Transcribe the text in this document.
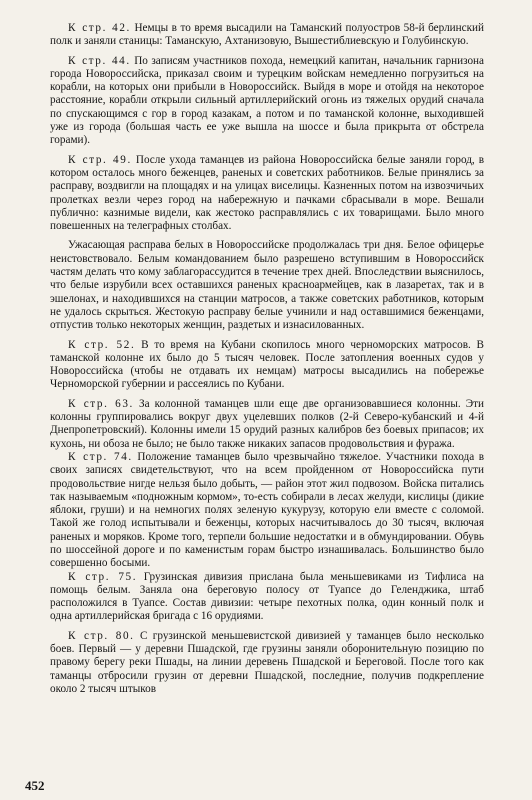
К стр. 42. Немцы в то время высадили на Таманский полуостров 58-й берлинский полк и заняли станицы: Таманскую, Ахтанизовую, Вышестиблиевскую и Голубинскую.

К стр. 44. По записям участников похода, немецкий капитан, начальник гарнизона города Новороссийска, приказал своим и турецким войскам немедленно погрузиться на корабли, на которых они прибыли в Новороссийск. Выйдя в море и отойдя на некоторое расстояние, корабли открыли сильный артиллерийский огонь из тяжелых орудий сначала по спускающимся с гор в город казакам, а потом и по таманской колонне, выходившей уже из города (большая часть ее уже вышла на шоссе и была прикрыта от обстрела горами).

К стр. 49. После ухода таманцев из района Новороссийска белые заняли город, в котором осталось много беженцев, раненых и советских работников. Белые принялись за расправу, воздвигли на площадях и на улицах виселицы. Казненных потом на извозчичьих пролетках везли через город на набережную и пачками сбрасывали в море. Вешали публично: казнимые видели, как жестоко расправлялись с их товарищами. Было много повешенных на телеграфных столбах.

Ужасающая расправа белых в Новороссийске продолжалась три дня. Белое офицерье неистовствовало. Белым командованием было разрешено вступившим в Новороссийск частям делать что кому заблагорассудится в течение трех дней. Впоследствии выяснилось, что белые изрубили всех оставшихся раненых красноармейцев, как в лазаретах, так и в эшелонах, и находившихся на станции матросов, а также советских работников, которым не удалось скрыться. Жестокую расправу белые учинили и над оставшимися беженцами, отпустив только некоторых женщин, раздетых и изнасилованных.

К стр. 52. В то время на Кубани скопилось много черноморских матросов. В таманской колонне их было до 5 тысяч человек. После затопления военных судов у Новороссийска (чтобы не отдавать их немцам) матросы высадились на побережье Черноморской губернии и рассеялись по Кубани.

К стр. 63. За колонной таманцев шли еще две организовавшиеся колонны. Эти колонны группировались вокруг двух уцелевших полков (2-й Северо-кубанский и 4-й Днепропетровский). Колонны имели 15 орудий разных калибров без боевых припасов; их кухонь, ни обоза не было; не было также никаких запасов продовольствия и фуража.

К стр. 74. Положение таманцев было чрезвычайно тяжелое. Участники похода в своих записях свидетельствуют, что на всем пройденном от Новороссийска пути продовольствие нигде нельзя было добыть, — район этот жил подвозом. Войска питались так называемым «подножным кормом», то-есть собирали в лесах желуди, кислицы (дикие яблоки, груши) и на немногих полях зеленую кукурузу, которую ели вместе с соломой. Такой же голод испытывали и беженцы, которых насчитывалось до 30 тысяч, включая раненых и моряков. Кроме того, терпели большие недостатки и в обмундировании. Обувь по шоссейной дороге и по каменистым горам быстро изнашивалась. Большинство было совершенно босыми.

К стр. 75. Грузинская дивизия прислана была меньшевиками из Тифлиса на помощь белым. Заняла она береговую полосу от Туапсе до Геленджика, штаб расположился в Туапсе. Состав дивизии: четыре пехотных полка, один конный полк и одна артиллерийская бригада с 16 орудиями.

К стр. 80. С грузинской меньшевистской дивизией у таманцев было несколько боев. Первый — у деревни Пшадской, где грузины заняли оборонительную позицию по правому берегу реки Пшады, на линии деревень Пшадской и Береговой. После того как таманцы отбросили грузин от деревни Пшадской, последние, получив подкрепление около 2 тысяч штыков

452
